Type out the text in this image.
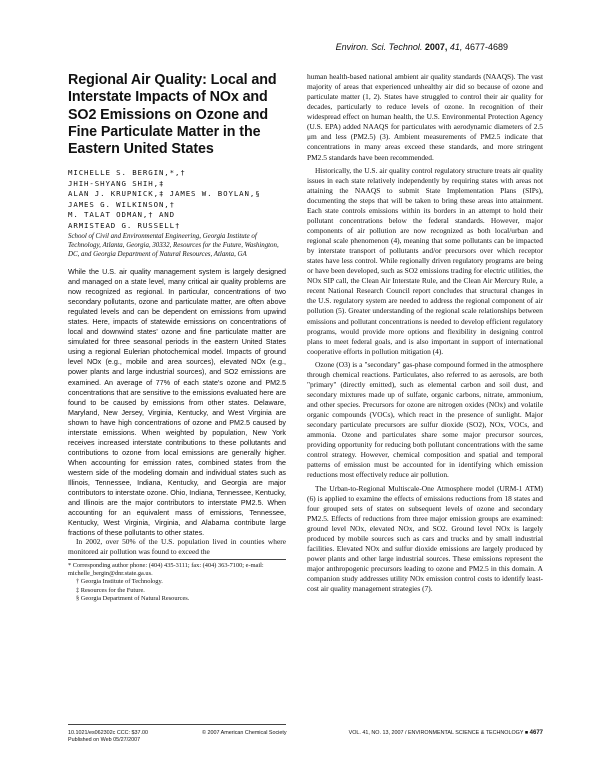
Environ. Sci. Technol. 2007, 41, 4677-4689
Regional Air Quality: Local and Interstate Impacts of NOx and SO2 Emissions on Ozone and Fine Particulate Matter in the Eastern United States

MICHELLE S. BERGIN,*,†
JHIH-SHYANG SHIH,‡
ALAN J. KRUPNICK,‡ JAMES W. BOYLAN,§
JAMES G. WILKINSON,†
M. TALAT ODMAN,† AND
ARMISTEAD G. RUSSELL†

School of Civil and Environmental Engineering, Georgia Institute of Technology, Atlanta, Georgia, 30332, Resources for the Future, Washington, DC, and Georgia Department of Natural Resources, Atlanta, GA

While the U.S. air quality management system is largely designed and managed on a state level, many critical air quality problems are now recognized as regional. In particular, concentrations of two secondary pollutants, ozone and particulate matter, are often above regulated levels and can be dependent on emissions from upwind states. Here, impacts of statewide emissions on concentrations of local and downwind states' ozone and fine particulate matter are simulated for three seasonal periods in the eastern United States using a regional Eulerian photochemical model. Impacts of ground level NOx (e.g., mobile and area sources), elevated NOx (e.g., power plants and large industrial sources), and SO2 emissions are examined. An average of 77% of each state's ozone and PM2.5 concentrations that are sensitive to the emissions evaluated here are found to be caused by emissions from other states. Delaware, Maryland, New Jersey, Virginia, Kentucky, and West Virginia are shown to have high concentrations of ozone and PM2.5 caused by interstate emissions. When weighted by population, New York receives increased interstate contributions to these pollutants and contributions to ozone from local emissions are generally higher. When accounting for emission rates, combined states from the western side of the modeling domain and individual states such as Illinois, Tennessee, Indiana, Kentucky, and Georgia are major contributors to interstate ozone. Ohio, Indiana, Tennessee, Kentucky, and Illinois are the major contributors to interstate PM2.5. When accounting for an equivalent mass of emissions, Tennessee, Kentucky, West Virginia, Virginia, and Alabama contribute large fractions of these pollutants to other states.

In 2002, over 50% of the U.S. population lived in counties where monitored air pollution was found to exceed the

* Corresponding author phone: (404) 435-3111; fax: (404) 363-7100; e-mail: michelle_bergin@dnr.state.ga.us.

† Georgia Institute of Technology.

‡ Resources for the Future.

§ Georgia Department of Natural Resources.

human health-based national ambient air quality standards (NAAQS). The vast majority of areas that experienced unhealthy air did so because of ozone and particulate matter (1, 2). States have struggled to control their air quality for decades, particularly to reduce levels of ozone. In recognition of their widespread effect on human health, the U.S. Environmental Protection Agency (U.S. EPA) added NAAQS for particulates with aerodynamic diameters of 2.5 μm and less (PM2.5) (3). Ambient measurements of PM2.5 indicate that concentrations in many areas exceed these standards, and more stringent PM2.5 standards have been recommended.

Historically, the U.S. air quality control regulatory structure treats air quality issues in each state relatively independently by requiring states with areas not attaining the NAAQS to submit State Implementation Plans (SIPs), documenting the steps that will be taken to bring these areas into attainment. Each state controls emissions within its borders in an attempt to hold their pollutant concentrations below the federal standards. However, major components of air pollution are now recognized as both local/urban and regional scale phenomenon (4), meaning that some pollutants can be impacted by interstate transport of pollutants and/or precursors over which receptor states have less control. While regionally driven regulatory programs are being or have been developed, such as SO2 emissions trading for electric utilities, the NOx SIP call, the Clean Air Interstate Rule, and the Clean Air Mercury Rule, a recent National Research Council report concludes that structural changes in the U.S. regulatory system are needed to address the regional component of air pollution (5). Greater understanding of the regional scale relationships between emissions and pollutant concentrations is needed to develop efficient regulatory programs, would provide more options and flexibility in designing control plans to meet federal goals, and is also important in support of international cooperative efforts in pollution mitigation (4).

Ozone (O3) is a "secondary" gas-phase compound formed in the atmosphere through chemical reactions. Particulates, also referred to as aerosols, are both "primary" (directly emitted), such as elemental carbon and soil dust, and secondary mixtures made up of sulfate, organic carbons, nitrate, ammonium, and other species. Precursors for ozone are nitrogen oxides (NOx) and volatile organic compounds (VOCs), which react in the presence of sunlight. Major secondary particulate precursors are sulfur dioxide (SO2), NOx, VOCs, and ammonia. Ozone and particulates share some major precursor sources, providing opportunity for reducing both pollutant concentrations with the same control strategy. However, chemical composition and spatial and temporal patterns of emission must be accounted for in identifying which emission reductions most effectively reduce air pollution.

The Urban-to-Regional Multiscale-One Atmosphere model (URM-1 ATM) (6) is applied to examine the effects of emissions reductions from 18 states and four grouped sets of states on subsequent levels of ozone and secondary PM2.5. Effects of reductions from three major emission groups are examined: ground level NOx, elevated NOx, and SO2. Ground level NOx is largely produced by mobile sources such as cars and trucks and by small industrial facilities. Elevated NOx and sulfur dioxide emissions are largely produced by power plants and other large industrial sources. These emissions represent the major anthropogenic precursors leading to ozone and PM2.5 in this domain. A companion study addresses utility NOx emission control costs to identify least-cost air quality management strategies (7).

10.1021/es062302c CCC: $37.00
Published on Web 05/27/2007
© 2007 American Chemical Society	VOL. 41, NO. 13, 2007 / ENVIRONMENTAL SCIENCE & TECHNOLOGY ■ 4677
